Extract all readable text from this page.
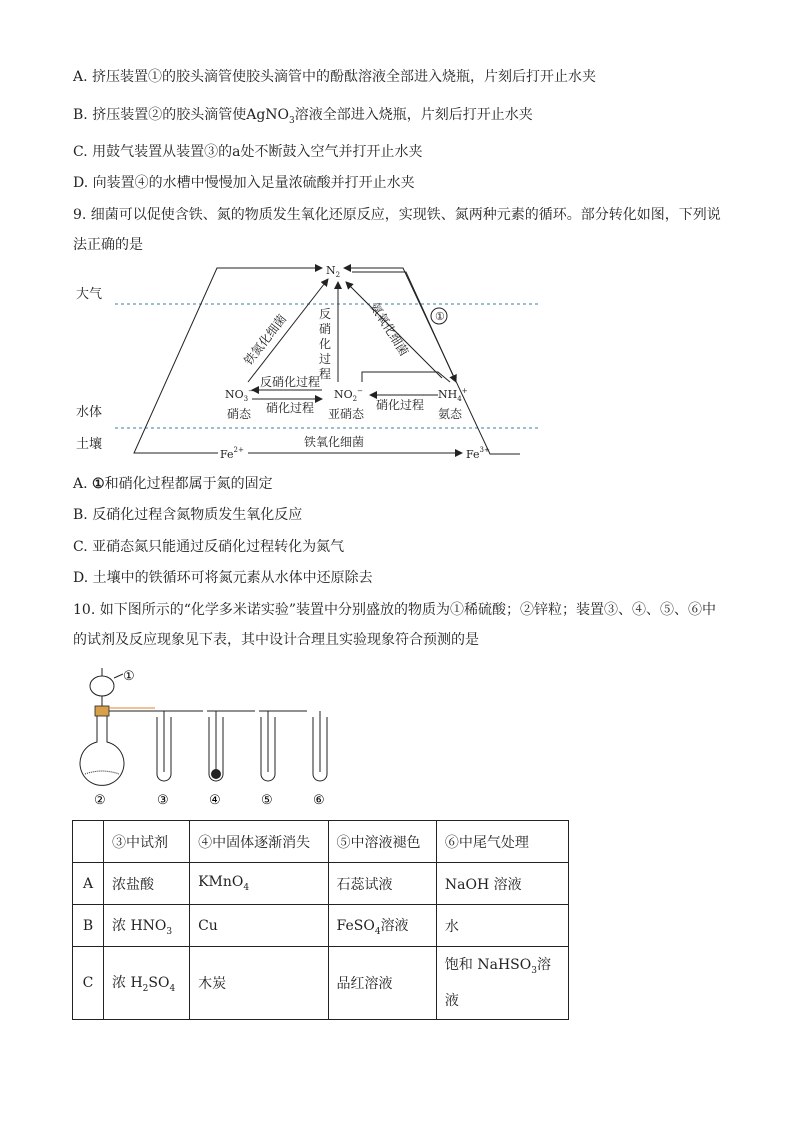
A. 挤压装置①的胶头滴管使胶头滴管中的酚酞溶液全部进入烧瓶，片刻后打开止水夹
B. 挤压装置②的胶头滴管使AgNO$_3$溶液全部进入烧瓶，片刻后打开止水夹
C. 用鼓气装置从装置③的a处不断鼓入空气并打开止水夹
D. 向装置④的水槽中慢慢加入足量浓硫酸并打开止水夹
9. 细菌可以促使含铁、氮的物质发生氧化还原反应，实现铁、氮两种元素的循环。部分转化如图，下列说
法正确的是
大气
水体
土壤
$N_2$
$NO_3^-$
硝态
$NO_2^-$
亚硝态
$NH_4^+$
氨态
反硝化过程
硝化过程	硝化过程
反 硝 化 过 程
铁氮化细菌	氨氧化细菌 ①
$Fe^{2+}$	$Fe^{3+}$
铁氧化细菌
A. ①和硝化过程都属于氮的固定
B. 反硝化过程含氮物质发生氧化反应
C. 亚硝态氮只能通过反硝化过程转化为氮气
D. 土壤中的铁循环可将氮元素从水体中还原除去
10. 如下图所示的“化学多米诺实验”装置中分别盛放的物质为①稀硫酸；②锌粒；装置③、④、⑤、⑥中
的试剂及反应现象见下表，其中设计合理且实验现象符合预测的是
①
②	③	④	⑤	⑥
	③中试剂	④中固体逐渐消失	⑤中溶液褪色	⑥中尾气处理
A	浓盐酸	KMnO$_4$	石蕊试液	NaOH 溶液
B	浓 $HNO_3$	Cu	FeSO$_4$溶液	水
C	浓 $H_2SO_4$	木炭	品红溶液	饱和 NaHSO$_3$溶
液
